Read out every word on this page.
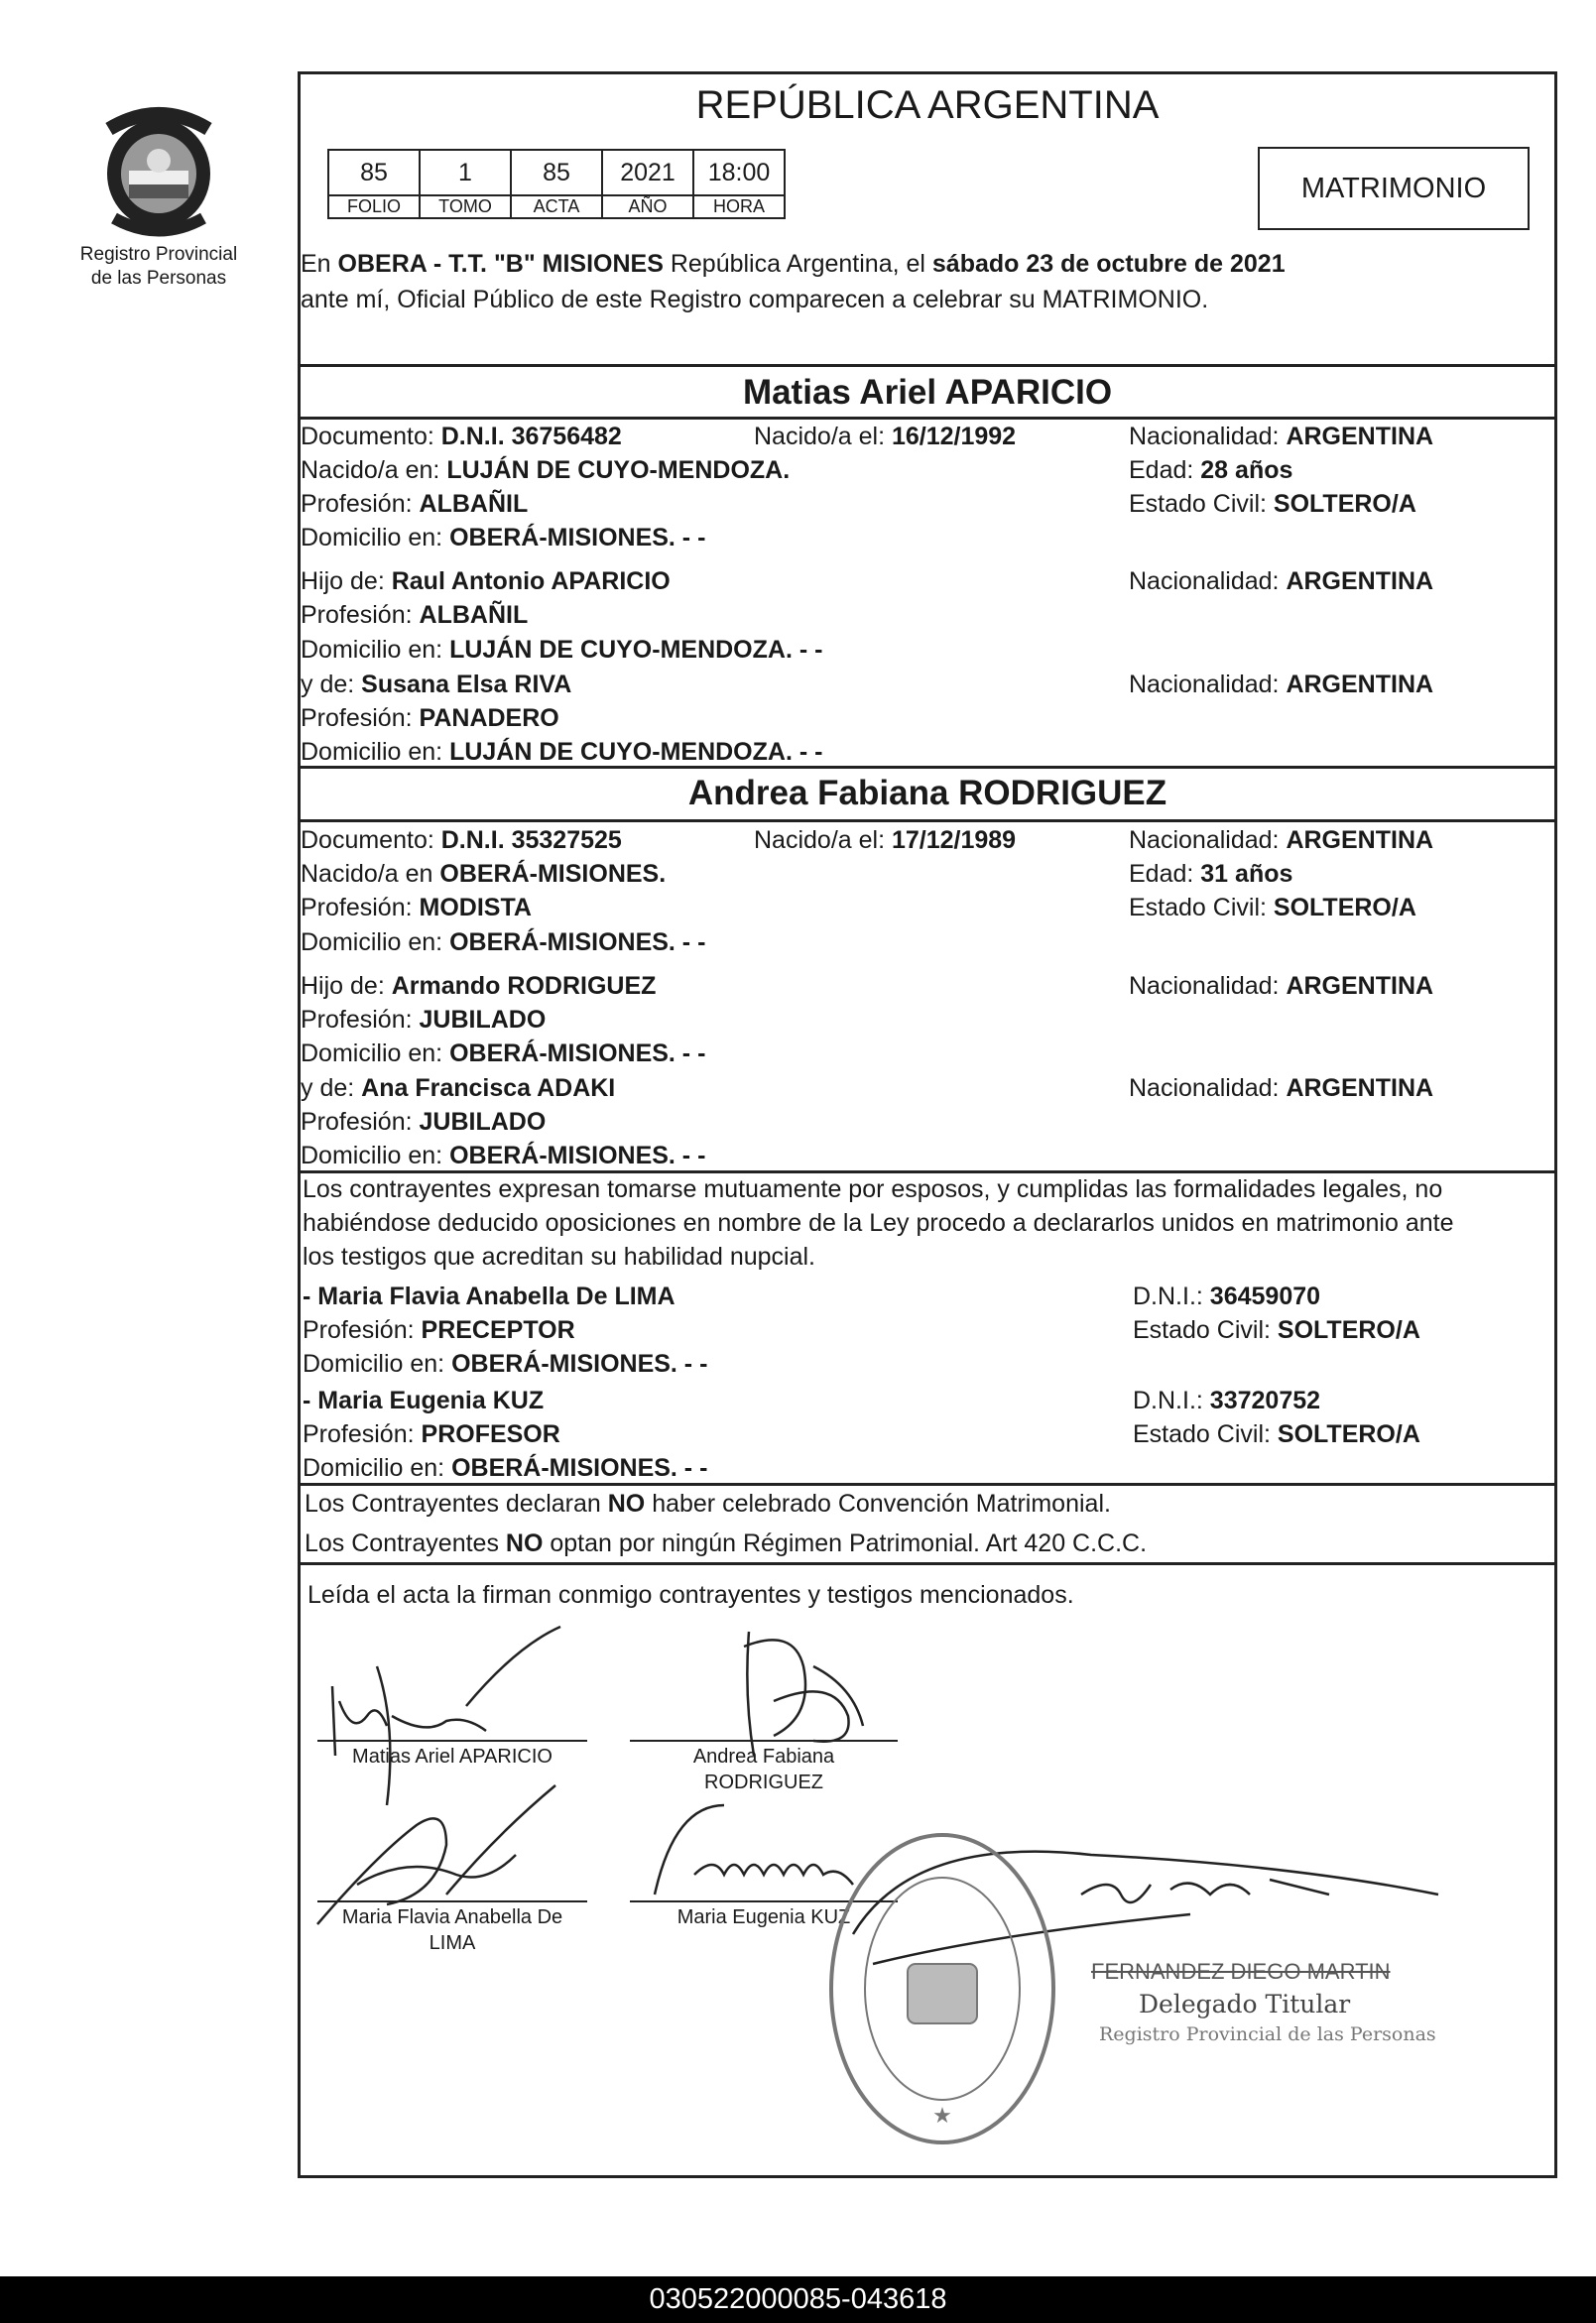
Registro Provincial
de las Personas
REPÚBLICA ARGENTINA
85	1	85	2021	18:00
FOLIO	TOMO	ACTA	AÑO	HORA
MATRIMONIO
En OBERA - T.T. "B" MISIONES República Argentina, el sábado 23 de octubre de 2021
ante mí, Oficial Público de este Registro comparecen a celebrar su MATRIMONIO.
Matias Ariel APARICIO
Documento: D.N.I. 36756482	Nacido/a el: 16/12/1992	Nacionalidad: ARGENTINA
Nacido/a en: LUJÁN DE CUYO-MENDOZA.	Edad: 28 años
Profesión: ALBAÑIL	Estado Civil: SOLTERO/A
Domicilio en: OBERÁ-MISIONES. - -
Hijo de: Raul Antonio APARICIO	Nacionalidad: ARGENTINA
Profesión: ALBAÑIL
Domicilio en: LUJÁN DE CUYO-MENDOZA. - -
y de: Susana Elsa RIVA	Nacionalidad: ARGENTINA
Profesión: PANADERO
Domicilio en: LUJÁN DE CUYO-MENDOZA. - -
Andrea Fabiana RODRIGUEZ
Documento: D.N.I. 35327525	Nacido/a el: 17/12/1989	Nacionalidad: ARGENTINA
Nacido/a en OBERÁ-MISIONES.	Edad: 31 años
Profesión: MODISTA	Estado Civil: SOLTERO/A
Domicilio en: OBERÁ-MISIONES. - -
Hijo de: Armando RODRIGUEZ	Nacionalidad: ARGENTINA
Profesión: JUBILADO
Domicilio en: OBERÁ-MISIONES. - -
y de: Ana Francisca ADAKI	Nacionalidad: ARGENTINA
Profesión: JUBILADO
Domicilio en: OBERÁ-MISIONES. - -
Los contrayentes expresan tomarse mutuamente por esposos, y cumplidas las formalidades legales, no
habiéndose deducido oposiciones en nombre de la Ley procedo a declararlos unidos en matrimonio ante
los testigos que acreditan su habilidad nupcial.
- Maria Flavia Anabella De LIMA	D.N.I.: 36459070
Profesión: PRECEPTOR	Estado Civil: SOLTERO/A
Domicilio en: OBERÁ-MISIONES. - -
- Maria Eugenia KUZ	D.N.I.: 33720752
Profesión: PROFESOR	Estado Civil: SOLTERO/A
Domicilio en: OBERÁ-MISIONES. - -
Los Contrayentes declaran NO haber celebrado Convención Matrimonial.
Los Contrayentes NO optan por ningún Régimen Patrimonial. Art 420 C.C.C.
Leída el acta la firman conmigo contrayentes y testigos mencionados.
Matias Ariel APARICIO	Andrea Fabiana
RODRIGUEZ
Maria Flavia Anabella De
LIMA
Maria Eugenia KUZ
★
FERNANDEZ DIEGO MARTIN
Delegado Titular
Registro Provincial de las Personas
030522000085-043618
